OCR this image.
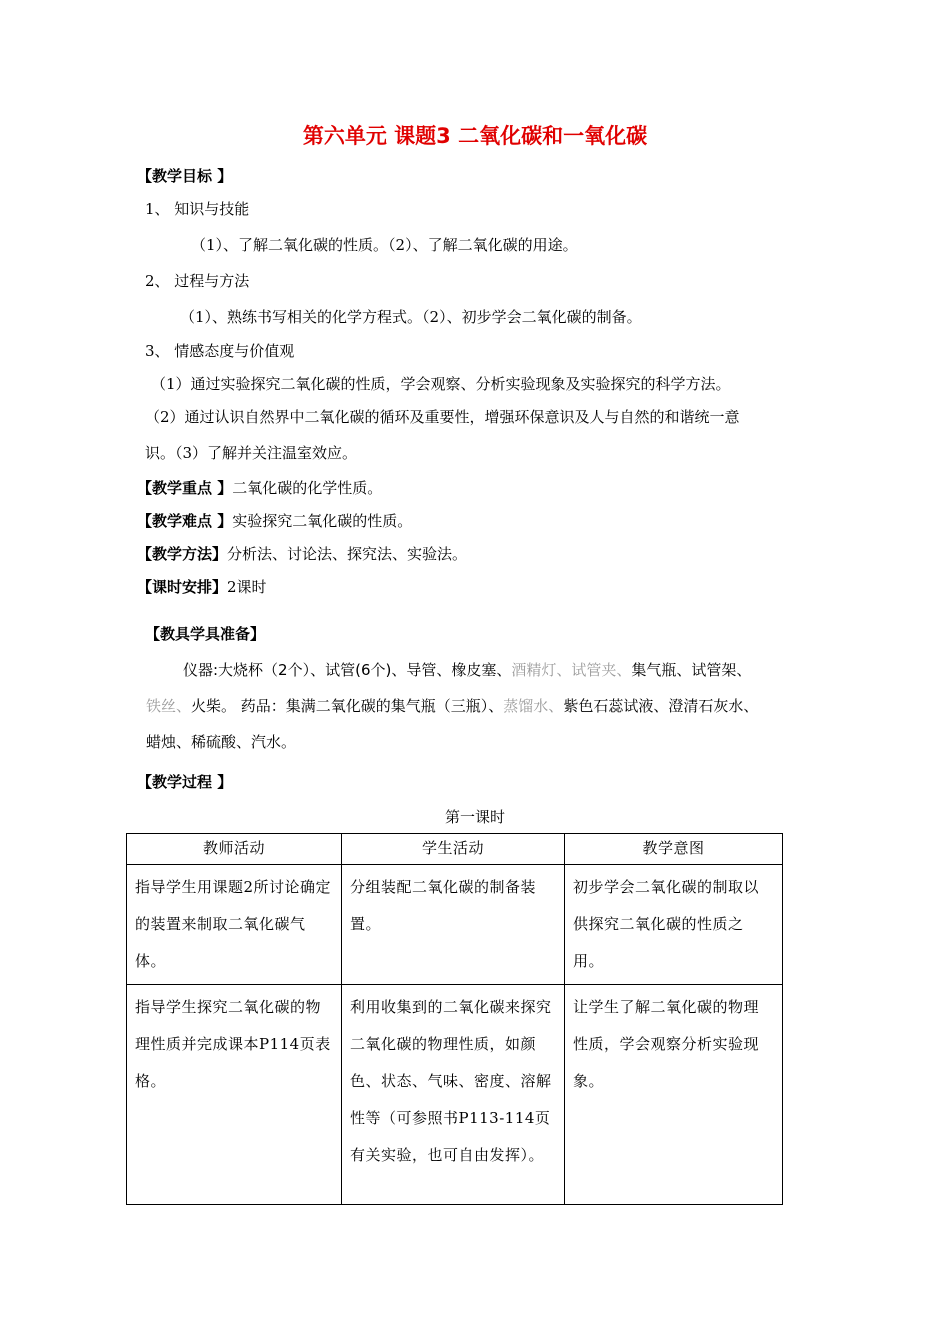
第六单元 课题3 二氧化碳和一氧化碳
【教学目标 】
1、 知识与技能
（1）、了解二氧化碳的性质。（2）、了解二氧化碳的用途。
2、 过程与方法
（1）、熟练书写相关的化学方程式。（2）、初步学会二氧化碳的制备。
3、 情感态度与价值观
（1）通过实验探究二氧化碳的性质，学会观察、分析实验现象及实验探究的科学方法。
（2）通过认识自然界中二氧化碳的循环及重要性，增强环保意识及人与自然的和谐统一意
识。（3）了解并关注温室效应。
【教学重点 】二氧化碳的化学性质。
【教学难点 】实验探究二氧化碳的性质。
【教学方法】分析法、讨论法、探究法、实验法。
【课时安排】2课时
【教具学具准备】
仪器:大烧杯（2个）、试管(6个)、导管、橡皮塞、酒精灯、试管夹、集气瓶、试管架、
铁丝、火柴。 药品：集满二氧化碳的集气瓶（三瓶）、蒸馏水、紫色石蕊试液、澄清石灰水、
蜡烛、稀硫酸、汽水。
【教学过程 】
第一课时
教师活动	学生活动	教学意图
指导学生用课题2所讨论确定的装置来制取二氧化碳气体。	分组装配二氧化碳的制备装置。	初步学会二氧化碳的制取以供探究二氧化碳的性质之用。
指导学生探究二氧化碳的物理性质并完成课本P114页表格。	利用收集到的二氧化碳来探究二氧化碳的物理性质，如颜色、状态、气味、密度、溶解性等（可参照书P113-114页有关实验，也可自由发挥）。	让学生了解二氧化碳的物理性质，学会观察分析实验现象。
